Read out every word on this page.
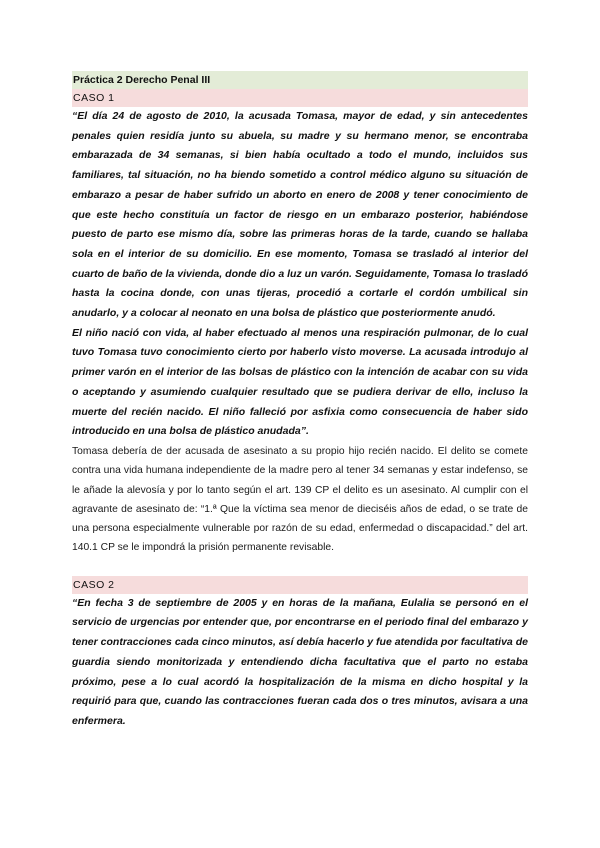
Práctica 2 Derecho Penal III
CASO 1

“El día 24 de agosto de 2010, la acusada Tomasa, mayor de edad, y sin antecedentes penales quien residía junto su abuela, su madre y su hermano menor, se encontraba embarazada de 34 semanas, si bien había ocultado a todo el mundo, incluidos sus familiares, tal situación, no ha biendo sometido a control médico alguno su situación de embarazo a pesar de haber sufrido un aborto en enero de 2008 y tener conocimiento de que este hecho constituía un factor de riesgo en un embarazo posterior, habiéndose puesto de parto ese mismo día, sobre las primeras horas de la tarde, cuando se hallaba sola en el interior de su domicilio. En ese momento, Tomasa se trasladó al interior del cuarto de baño de la vivienda, donde dio a luz un varón. Seguidamente, Tomasa lo trasladó hasta la cocina donde, con unas tijeras, procedió a cortarle el cordón umbilical sin anudarlo, y a colocar al neonato en una bolsa de plástico que posteriormente anudó.

El niño nació con vida, al haber efectuado al menos una respiración pulmonar, de lo cual tuvo Tomasa tuvo conocimiento cierto por haberlo visto moverse. La acusada introdujo al primer varón en el interior de las bolsas de plástico con la intención de acabar con su vida o aceptando y asumiendo cualquier resultado que se pudiera derivar de ello, incluso la muerte del recién nacido. El niño falleció por asfixia como consecuencia de haber sido introducido en una bolsa de plástico anudada”.

Tomasa debería de der acusada de asesinato a su propio hijo recién nacido. El delito se comete contra una vida humana independiente de la madre pero al tener 34 semanas y estar indefenso, se le añade la alevosía y por lo tanto según el art. 139 CP el delito es un asesinato. Al cumplir con el agravante de asesinato de: “1.ª Que la víctima sea menor de dieciséis años de edad, o se trate de una persona especialmente vulnerable por razón de su edad, enfermedad o discapacidad.” del art. 140.1 CP se le impondrá la prisión permanente revisable.

CASO 2

“En fecha 3 de septiembre de 2005 y en horas de la mañana, Eulalia se personó en el servicio de urgencias por entender que, por encontrarse en el periodo final del embarazo y tener contracciones cada cinco minutos, así debía hacerlo y fue atendida por facultativa de guardia siendo monitorizada y entendiendo dicha facultativa que el parto no estaba próximo, pese a lo cual acordó la hospitalización de la misma en dicho hospital y la requirió para que, cuando las contracciones fueran cada dos o tres minutos, avisara a una enfermera.
